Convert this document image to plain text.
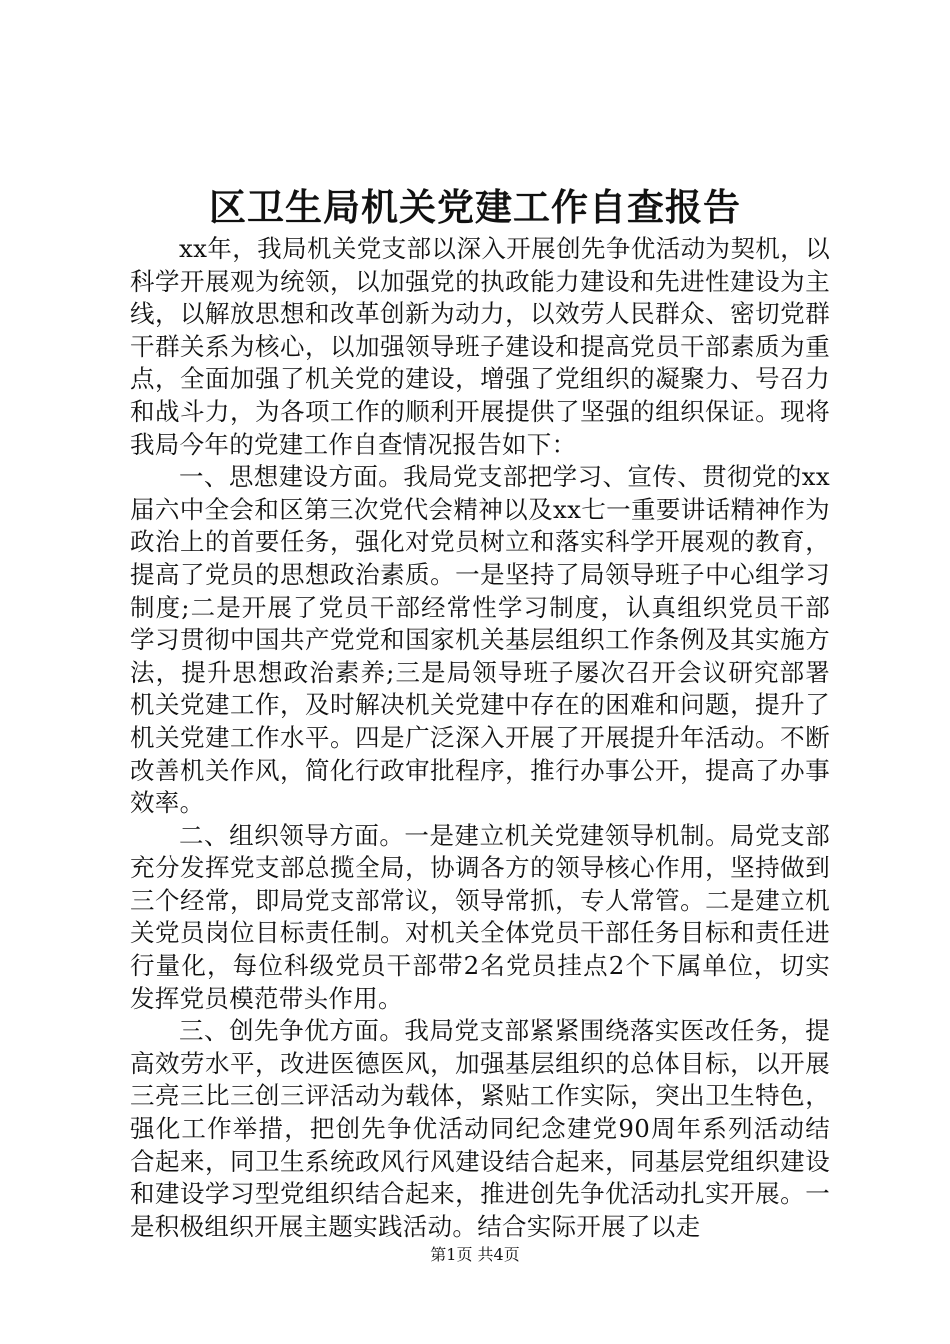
区卫生局机关党建工作自查报告

xx年，我局机关党支部以深入开展创先争优活动为契机，以科学开展观为统领，以加强党的执政能力建设和先进性建设为主线，以解放思想和改革创新为动力，以效劳人民群众、密切党群干群关系为核心，以加强领导班子建设和提高党员干部素质为重点，全面加强了机关党的建设，增强了党组织的凝聚力、号召力和战斗力，为各项工作的顺利开展提供了坚强的组织保证。现将我局今年的党建工作自查情况报告如下：

一、思想建设方面。我局党支部把学习、宣传、贯彻党的xx届六中全会和区第三次党代会精神以及xx七一重要讲话精神作为政治上的首要任务，强化对党员树立和落实科学开展观的教育，提高了党员的思想政治素质。一是坚持了局领导班子中心组学习制度;二是开展了党员干部经常性学习制度，认真组织党员干部学习贯彻中国共产党党和国家机关基层组织工作条例及其实施方法，提升思想政治素养;三是局领导班子屡次召开会议研究部署机关党建工作，及时解决机关党建中存在的困难和问题，提升了机关党建工作水平。四是广泛深入开展了开展提升年活动。不断改善机关作风，简化行政审批程序，推行办事公开，提高了办事效率。

二、组织领导方面。一是建立机关党建领导机制。局党支部充分发挥党支部总揽全局，协调各方的领导核心作用，坚持做到三个经常，即局党支部常议，领导常抓，专人常管。二是建立机关党员岗位目标责任制。对机关全体党员干部任务目标和责任进行量化，每位科级党员干部带2名党员挂点2个下属单位，切实发挥党员模范带头作用。

三、创先争优方面。我局党支部紧紧围绕落实医改任务，提高效劳水平，改进医德医风，加强基层组织的总体目标，以开展三亮三比三创三评活动为载体，紧贴工作实际，突出卫生特色，强化工作举措，把创先争优活动同纪念建党90周年系列活动结合起来，同卫生系统政风行风建设结合起来，同基层党组织建设和建设学习型党组织结合起来，推进创先争优活动扎实开展。一是积极组织开展主题实践活动。结合实际开展了以走

第1页 共4页
